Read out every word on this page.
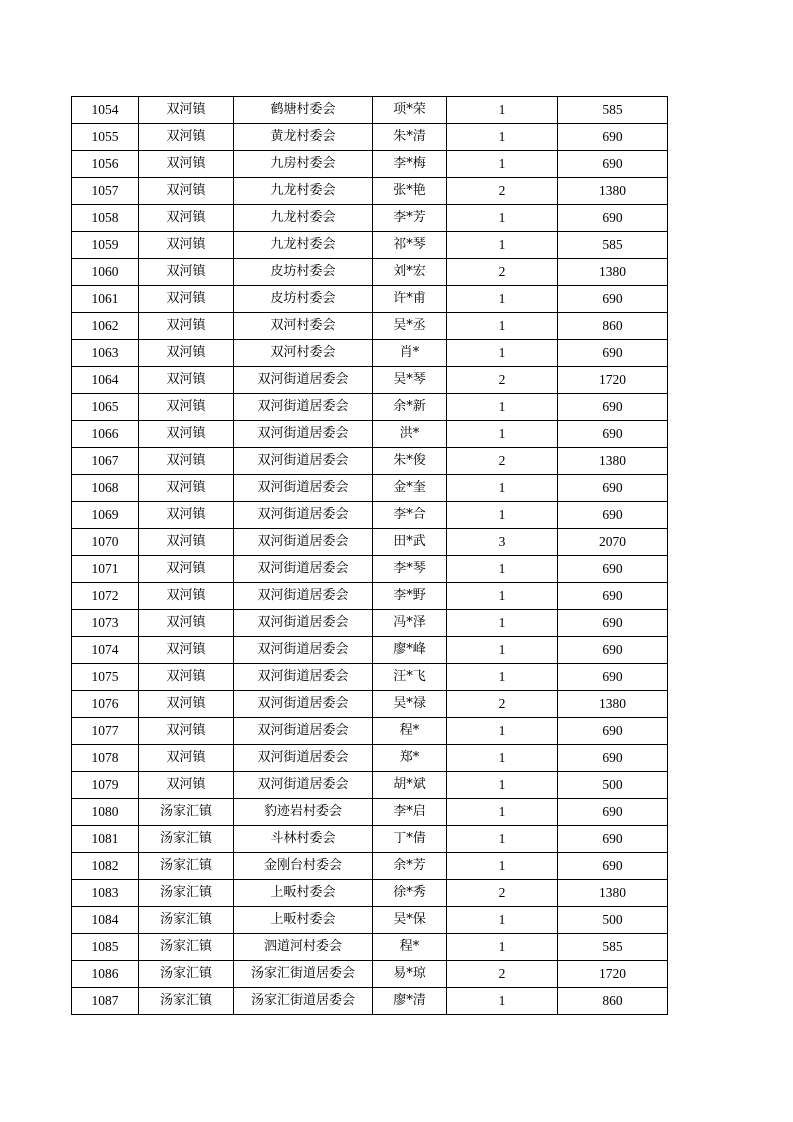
1054	双河镇	鹤塘村委会	项*荣	1	585
1055	双河镇	黄龙村委会	朱*清	1	690
1056	双河镇	九房村委会	李*梅	1	690
1057	双河镇	九龙村委会	张*艳	2	1380
1058	双河镇	九龙村委会	李*芳	1	690
1059	双河镇	九龙村委会	祁*琴	1	585
1060	双河镇	皮坊村委会	刘*宏	2	1380
1061	双河镇	皮坊村委会	许*甫	1	690
1062	双河镇	双河村委会	吴*丞	1	860
1063	双河镇	双河村委会	肖*	1	690
1064	双河镇	双河街道居委会	吴*琴	2	1720
1065	双河镇	双河街道居委会	余*新	1	690
1066	双河镇	双河街道居委会	洪*	1	690
1067	双河镇	双河街道居委会	朱*俊	2	1380
1068	双河镇	双河街道居委会	金*奎	1	690
1069	双河镇	双河街道居委会	李*合	1	690
1070	双河镇	双河街道居委会	田*武	3	2070
1071	双河镇	双河街道居委会	李*琴	1	690
1072	双河镇	双河街道居委会	李*野	1	690
1073	双河镇	双河街道居委会	冯*泽	1	690
1074	双河镇	双河街道居委会	廖*峰	1	690
1075	双河镇	双河街道居委会	汪*飞	1	690
1076	双河镇	双河街道居委会	吴*禄	2	1380
1077	双河镇	双河街道居委会	程*	1	690
1078	双河镇	双河街道居委会	郑*	1	690
1079	双河镇	双河街道居委会	胡*斌	1	500
1080	汤家汇镇	豹迹岩村委会	李*启	1	690
1081	汤家汇镇	斗林村委会	丁*倩	1	690
1082	汤家汇镇	金刚台村委会	余*芳	1	690
1083	汤家汇镇	上畈村委会	徐*秀	2	1380
1084	汤家汇镇	上畈村委会	吴*保	1	500
1085	汤家汇镇	泗道河村委会	程*	1	585
1086	汤家汇镇	汤家汇街道居委会	易*琼	2	1720
1087	汤家汇镇	汤家汇街道居委会	廖*清	1	860
